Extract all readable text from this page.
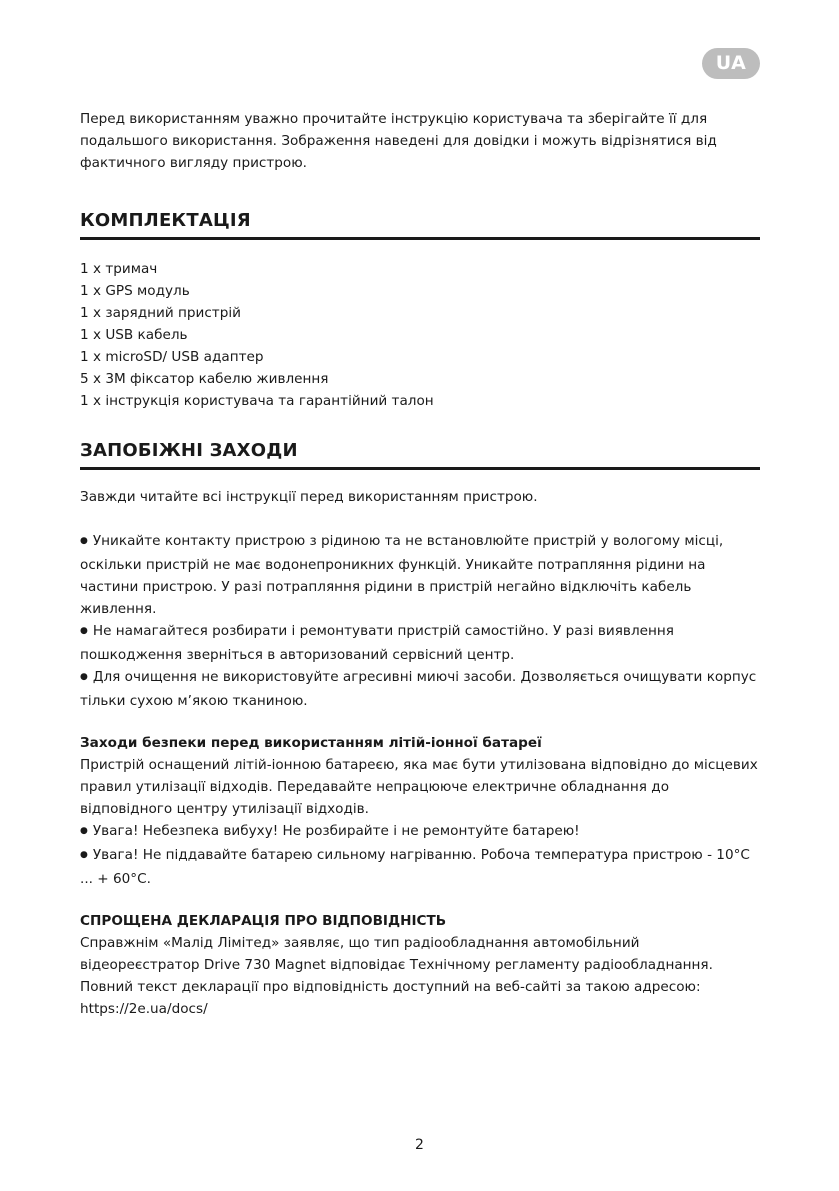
UA

Перед використанням уважно прочитайте інструкцію користувача та зберігайте її для подальшого використання. Зображення наведені для довідки і можуть відрізнятися від фактичного вигляду пристрою.

КОМПЛЕКТАЦІЯ
1 x тримач
1 x GPS модуль
1 x зарядний пристрій
1 x USB кабель
1 x microSD/ USB адаптер
5 x 3M фіксатор кабелю живлення
1 x інструкція користувача та гарантійний талон
ЗАПОБІЖНІ ЗАХОДИ

Завжди читайте всі інструкції перед використанням пристрою.

● Уникайте контакту пристрою з рідиною та не встановлюйте пристрій у вологому місці, оскільки пристрій не має водонепроникних функцій. Уникайте потрапляння рідини на частини пристрою. У разі потрапляння рідини в пристрій негайно відключіть кабель живлення.

● Не намагайтеся розбирати і ремонтувати пристрій самостійно. У разі виявлення пошкодження зверніться в авторизований сервісний центр.

● Для очищення не використовуйте агресивні миючі засоби. Дозволяється очищувати корпус тільки сухою м’якою тканиною.

Заходи безпеки перед використанням літій-іонної батареї

Пристрій оснащений літій-іонною батареєю, яка має бути утилізована відповідно до місцевих правил утилізації відходів. Передавайте непрацюючe електричне обладнання до відповідного центру утилізації відходів.

● Увага! Небезпека вибуху! Не розбирайте і не ремонтуйте батарею!

● Увага! Не піддавайте батарею сильному нагріванню. Робоча температура пристрою - 10°C ... + 60°C.

СПРОЩЕНА ДЕКЛАРАЦІЯ ПРО ВІДПОВІДНІСТЬ

Справжнім «Малід Лімітед» заявляє, що тип радіообладнання автомобільний відеореєстратор Drive 730 Magnet відповідає Технічному регламенту радіообладнання. Повний текст декларації про відповідність доступний на веб-сайті за такою адресою: https://2e.ua/docs/

2
